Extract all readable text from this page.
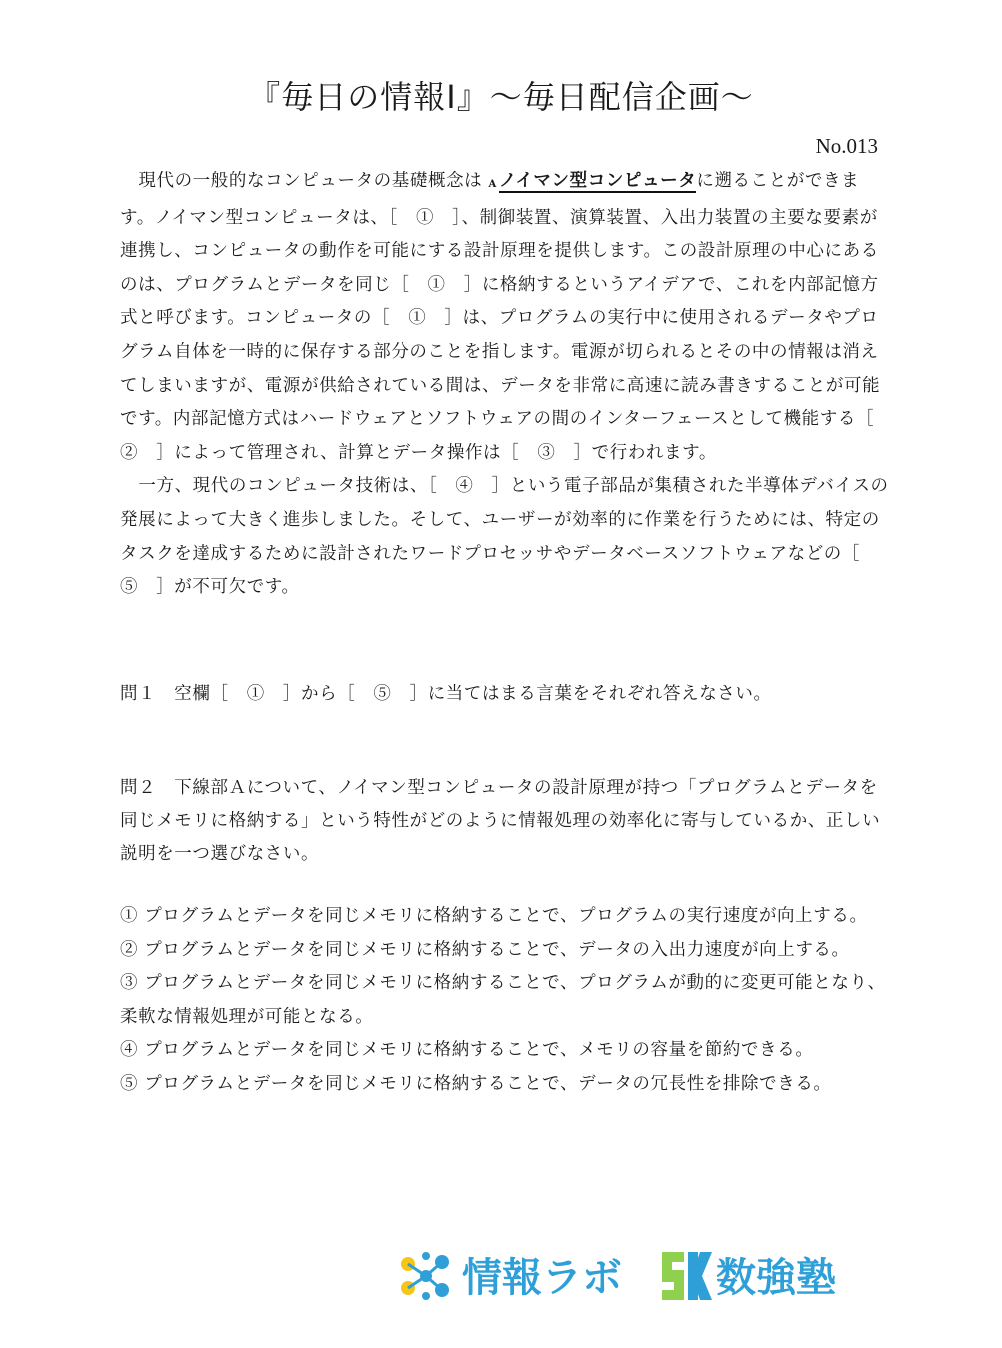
『毎日の情報Ⅰ』〜毎日配信企画〜
No.013
現代の一般的なコンピュータの基礎概念は A ノイマン型コンピュータに遡ることができます。ノイマン型コンピュータは、［　①　］、制御装置、演算装置、入出力装置の主要な要素が連携し、コンピュータの動作を可能にする設計原理を提供します。この設計原理の中心にあるのは、プログラムとデータを同じ［　①　］に格納するというアイデアで、これを内部記憶方式と呼びます。コンピュータの［　①　］は、プログラムの実行中に使用されるデータやプログラム自体を一時的に保存する部分のことを指します。電源が切られるとその中の情報は消えてしまいますが、電源が供給されている間は、データを非常に高速に読み書きすることが可能です。内部記憶方式はハードウェアとソフトウェアの間のインターフェースとして機能する［　②　］によって管理され、計算とデータ操作は［　③　］で行われます。
一方、現代のコンピュータ技術は、［　④　］という電子部品が集積された半導体デバイスの発展によって大きく進歩しました。そして、ユーザーが効率的に作業を行うためには、特定のタスクを達成するために設計されたワードプロセッサやデータベースソフトウェアなどの［　⑤　］が不可欠です。
問１　空欄［　①　］から［　⑤　］に当てはまる言葉をそれぞれ答えなさい。
問２　下線部Ａについて、ノイマン型コンピュータの設計原理が持つ「プログラムとデータを同じメモリに格納する」という特性がどのように情報処理の効率化に寄与しているか、正しい説明を一つ選びなさい。

① プログラムとデータを同じメモリに格納することで、プログラムの実行速度が向上する。

② プログラムとデータを同じメモリに格納することで、データの入出力速度が向上する。

③ プログラムとデータを同じメモリに格納することで、プログラムが動的に変更可能となり、柔軟な情報処理が可能となる。

④ プログラムとデータを同じメモリに格納することで、メモリの容量を節約できる。

⑤ プログラムとデータを同じメモリに格納することで、データの冗長性を排除できる。

情報ラボ 数強塾
